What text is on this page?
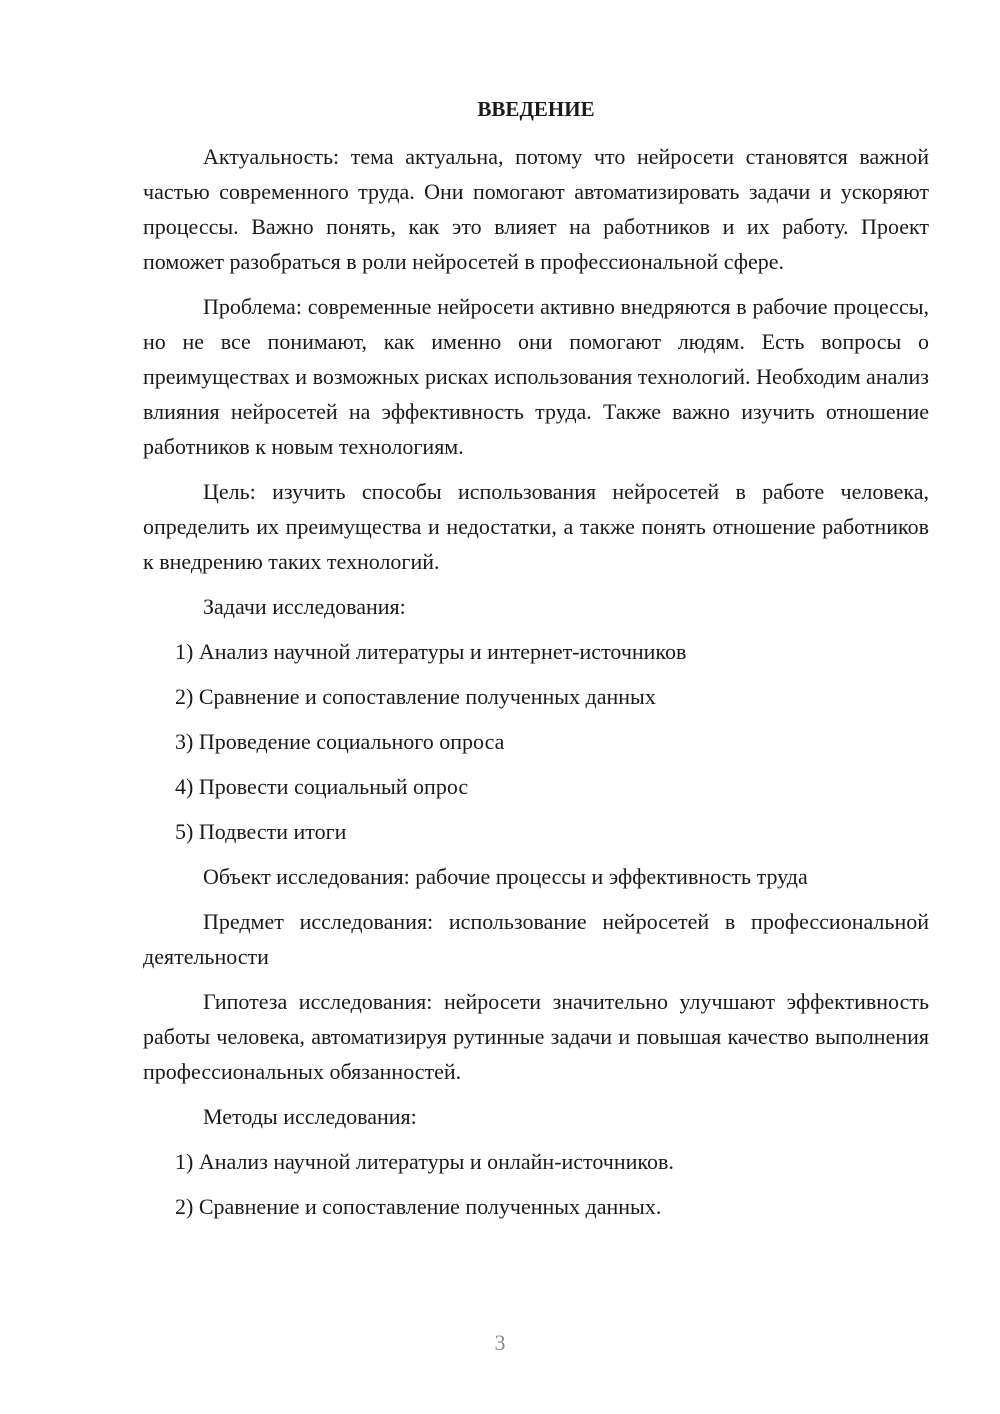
ВВЕДЕНИЕ

Актуальность: тема актуальна, потому что нейросети становятся важной частью современного труда. Они помогают автоматизировать задачи и ускоряют процессы. Важно понять, как это влияет на работников и их работу. Проект поможет разобраться в роли нейросетей в профессиональной сфере.

Проблема: современные нейросети активно внедряются в рабочие процессы, но не все понимают, как именно они помогают людям. Есть вопросы о преимуществах и возможных рисках использования технологий. Необходим анализ влияния нейросетей на эффективность труда. Также важно изучить отношение работников к новым технологиям.

Цель: изучить способы использования нейросетей в работе человека, определить их преимущества и недостатки, а также понять отношение работников к внедрению таких технологий.

Задачи исследования:

1) Анализ научной литературы и интернет-источников
2) Сравнение и сопоставление полученных данных
3) Проведение социального опроса
4) Провести социальный опрос
5) Подвести итоги

Объект исследования: рабочие процессы и эффективность труда

Предмет исследования: использование нейросетей в профессиональной деятельности

Гипотеза исследования: нейросети значительно улучшают эффективность работы человека, автоматизируя рутинные задачи и повышая качество выполнения профессиональных обязанностей.

Методы исследования:

1) Анализ научной литературы и онлайн-источников.
2) Сравнение и сопоставление полученных данных.
3
